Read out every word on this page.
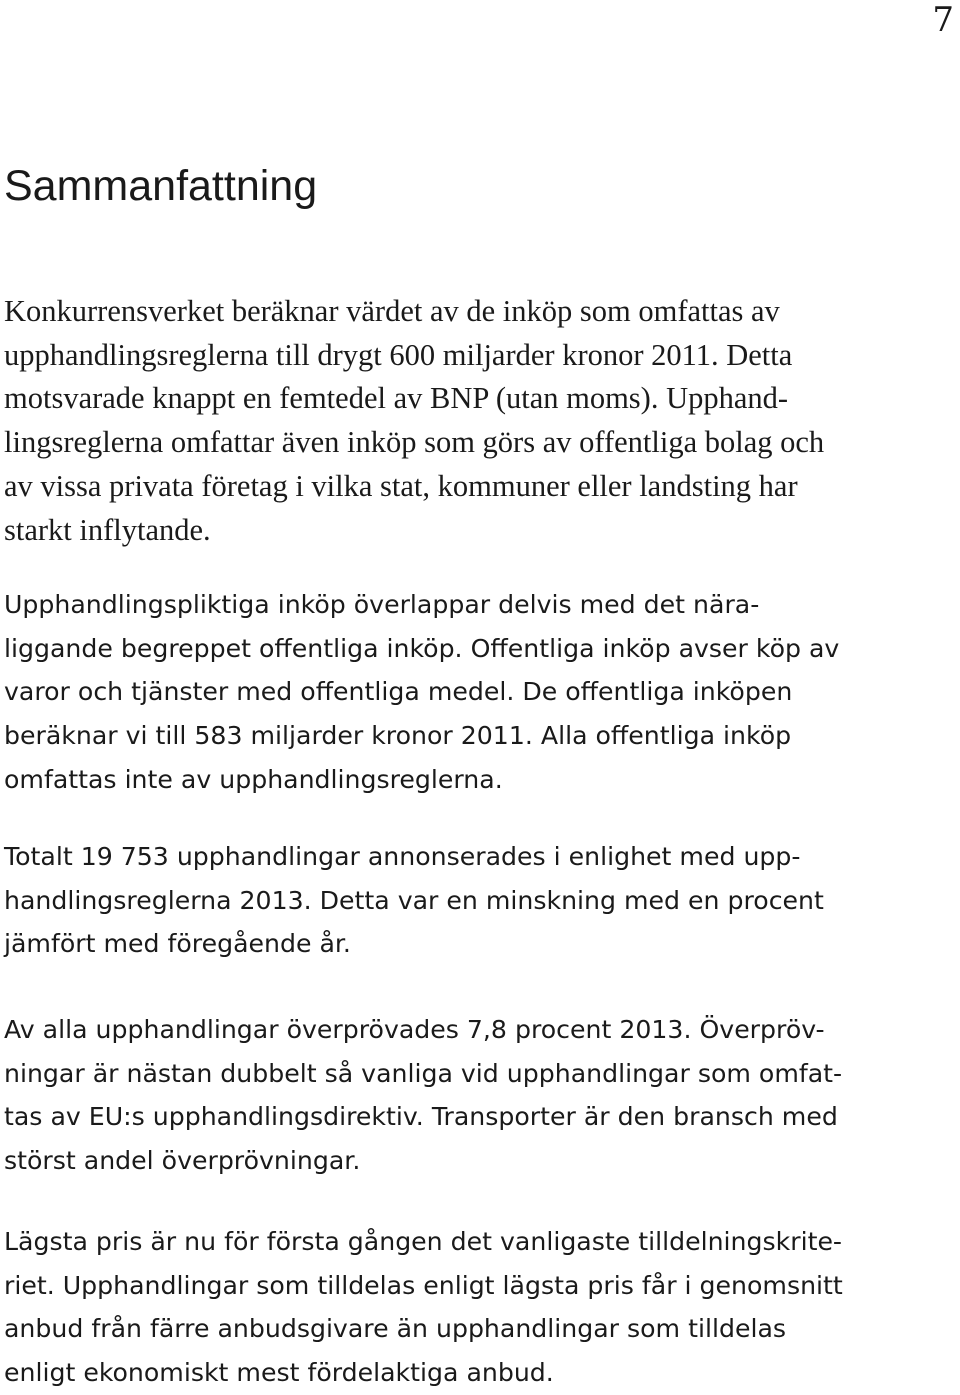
7
Sammanfattning

Konkurrensverket beräknar värdet av de inköp som omfattas av
upphandlingsreglerna till drygt 600 miljarder kronor 2011. Detta
motsvarade knappt en femtedel av BNP (utan moms). Upphand-
lingsreglerna omfattar även inköp som görs av offentliga bolag och
av vissa privata företag i vilka stat, kommuner eller landsting har
starkt inflytande.

Upphandlingspliktiga inköp överlappar delvis med det nära-
liggande begreppet offentliga inköp. Offentliga inköp avser köp av
varor och tjänster med offentliga medel. De offentliga inköpen
beräknar vi till 583 miljarder kronor 2011. Alla offentliga inköp
omfattas inte av upphandlingsreglerna.

Totalt 19 753 upphandlingar annonserades i enlighet med upp-
handlingsreglerna 2013. Detta var en minskning med en procent
jämfört med föregående år.

Av alla upphandlingar överprövades 7,8 procent 2013. Överpröv-
ningar är nästan dubbelt så vanliga vid upphandlingar som omfat-
tas av EU:s upphandlingsdirektiv. Transporter är den bransch med
störst andel överprövningar.

Lägsta pris är nu för första gången det vanligaste tilldelningskrite-
riet. Upphandlingar som tilldelas enligt lägsta pris får i genomsnitt
anbud från färre anbudsgivare än upphandlingar som tilldelas
enligt ekonomiskt mest fördelaktiga anbud.
